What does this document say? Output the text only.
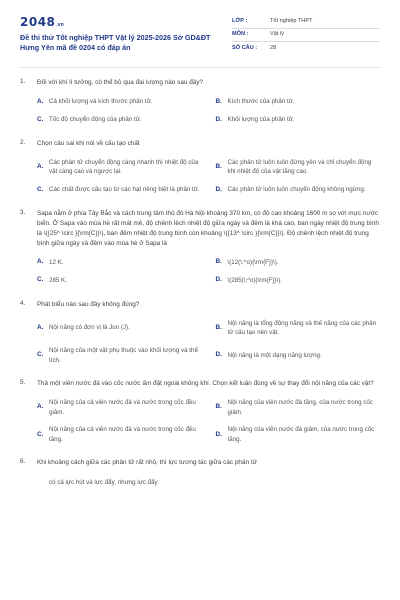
2048 .vn
Đề thi thử Tốt nghiệp THPT Vật lý 2025-2026 Sở GD&ĐT Hưng Yên mã đề 0204 có đáp án
LỚP :	Tốt nghiệp THPT
MÔN :	Vật lý
SỐ CÂU :	28
1.	Đối với khí lí tưởng, có thể bỏ qua đại lượng nào sau đây?
A. Cả khối lượng và kích thước phân tử.	B. Kích thước của phân tử.
C. Tốc độ chuyển động của phân tử.	D. Khối lượng của phân tử.
2.	Chọn câu sai khi nói về cấu tạo chất
A.
Các phân tử chuyển động càng nhanh thì nhiệt độ của vật càng cao và ngược lại.
B.
Các phân tử luôn luôn đứng yên và chỉ chuyển động khi nhiệt độ của vật tăng cao.
C. Các chất được cấu tạo từ các hạt riêng biệt là phân tử. D. Các phân tử luôn luôn chuyển động không ngừng.
3.	Sapa nằm ở phía Tây Bắc và cách trung tâm thủ đô Hà Nội khoảng 370 km, có độ cao khoảng 1600 m so với mực nước biển. Ở Sapa vào mùa hè rất mát mẻ, độ chênh lệch nhiệt độ giữa ngày và đêm là khá cao, ban ngày nhiệt độ trung bình là \({25^ \circ }{\rm{C}}\), ban đêm nhiệt độ trung bình còn khoảng \({13^ \circ }{\rm{C}}\). Độ chênh lệch nhiệt độ trung bình giữa ngày và đêm vào mùa hè ở Sapa là
A. 12 K.	B. \(12(\;^o){\rm{F}}\).
C. 285 K.	D. \(285(\;^o){\rm{F}}\).
4.	Phát biểu nào sau đây không đúng?
A. Nội năng có đơn vị là Jun (J).	B.
Nội năng là tổng động năng và thế năng của các phân tử cấu tạo nên vật.
C.
Nội năng của một vật phụ thuộc vào khối lượng và thể tích.
D. Nội năng là một dạng năng lượng.
5.	Thả một viên nước đá vào cốc nước ấm đặt ngoài không khí. Chọn kết luận đúng về sự thay đổi nội năng của các vật?
A.
Nội năng của cả viên nước đá và nước trong cốc đều giảm.
B.
Nội năng của viên nước đá tăng, của nước trong cốc giảm.
C.
Nội năng của cả viên nước đá và nước trong cốc đều tăng.
D.
Nội năng của viên nước đá giảm, của nước trong cốc tăng.
6.	Khi khoảng cách giữa các phân tử rất nhỏ, thì lực tương tác giữa các phân tử
có cả lực hút và lực đẩy, nhưng lực đẩy
